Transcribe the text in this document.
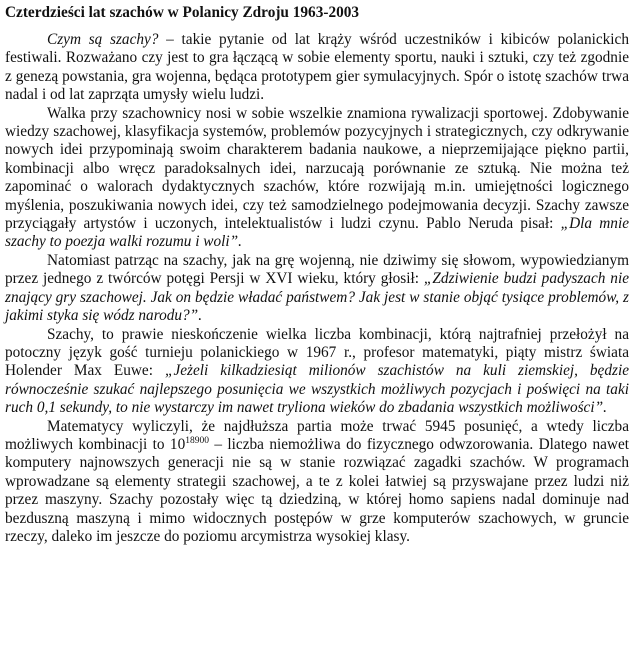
Czterdzieści lat szachów w Polanicy Zdroju 1963-2003

Czym są szachy? – takie pytanie od lat krąży wśród uczestników i kibiców polanickich festiwali. Rozważano czy jest to gra łączącą w sobie elementy sportu, nauki i sztuki, czy też zgodnie z genezą powstania, gra wojenna, będąca prototypem gier symulacyjnych. Spór o istotę szachów trwa nadal i od lat zaprząta umysły wielu ludzi.

Walka przy szachownicy nosi w sobie wszelkie znamiona rywalizacji sportowej. Zdobywanie wiedzy szachowej, klasyfikacja systemów, problemów pozycyjnych i strategicznych, czy odkrywanie nowych idei przypominają swoim charakterem badania naukowe, a nieprzemijające piękno partii, kombinacji albo wręcz paradoksalnych idei, narzucają porównanie ze sztuką. Nie można też zapominać o walorach dydaktycznych szachów, które rozwijają m.in. umiejętności logicznego myślenia, poszukiwania nowych idei, czy też samodzielnego podejmowania decyzji. Szachy zawsze przyciągały artystów i uczonych, intelektualistów i ludzi czynu. Pablo Neruda pisał: „Dla mnie szachy to poezja walki rozumu i woli”.

Natomiast patrząc na szachy, jak na grę wojenną, nie dziwimy się słowom, wypowiedzianym przez jednego z twórców potęgi Persji w XVI wieku, który głosił: „Zdziwienie budzi padyszach nie znający gry szachowej. Jak on będzie władać państwem? Jak jest w stanie objąć tysiące problemów, z jakimi styka się wódz narodu?”.

Szachy, to prawie nieskończenie wielka liczba kombinacji, którą najtrafniej przełożył na potoczny język gość turnieju polanickiego w 1967 r., profesor matematyki, piąty mistrz świata Holender Max Euwe: „Jeżeli kilkadziesiąt milionów szachistów na kuli ziemskiej, będzie równocześnie szukać najlepszego posunięcia we wszystkich możliwych pozycjach i poświęci na taki ruch 0,1 sekundy, to nie wystarczy im nawet tryliona wieków do zbadania wszystkich możliwości”.

Matematycy wyliczyli, że najdłuższa partia może trwać 5945 posunięć, a wtedy liczba możliwych kombinacji to $10^{18900}$ – liczba niemożliwa do fizycznego odwzorowania. Dlatego nawet komputery najnowszych generacji nie są w stanie rozwiązać zagadki szachów. W programach wprowadzane są elementy strategii szachowej, a te z kolei łatwiej są przyswajane przez ludzi niż przez maszyny. Szachy pozostały więc tą dziedziną, w której homo sapiens nadal dominuje nad bezduszną maszyną i mimo widocznych postępów w grze komputerów szachowych, w gruncie rzeczy, daleko im jeszcze do poziomu arcymistrza wysokiej klasy.
